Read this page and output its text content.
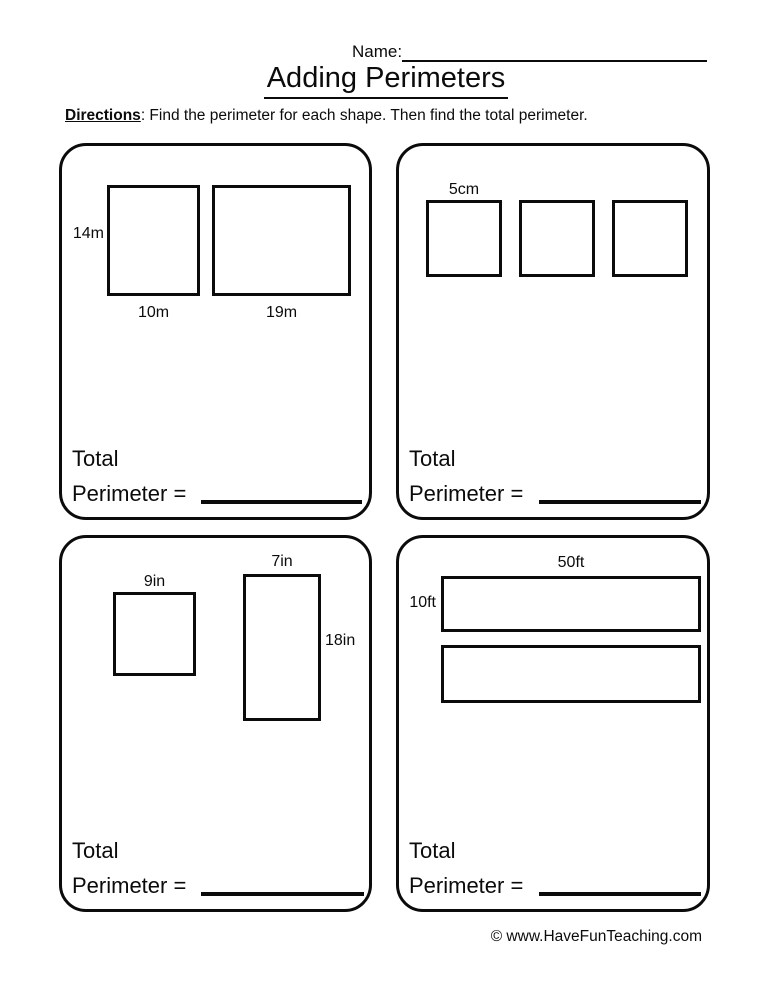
Name:
Adding Perimeters
Directions: Find the perimeter for each shape. Then find the total perimeter.
14m
10m	19m
Total
Perimeter =
5cm
Total
Perimeter =
9in
7in
18in
Total
Perimeter =
50ft
10ft
Total
Perimeter =
© www.HaveFunTeaching.com
